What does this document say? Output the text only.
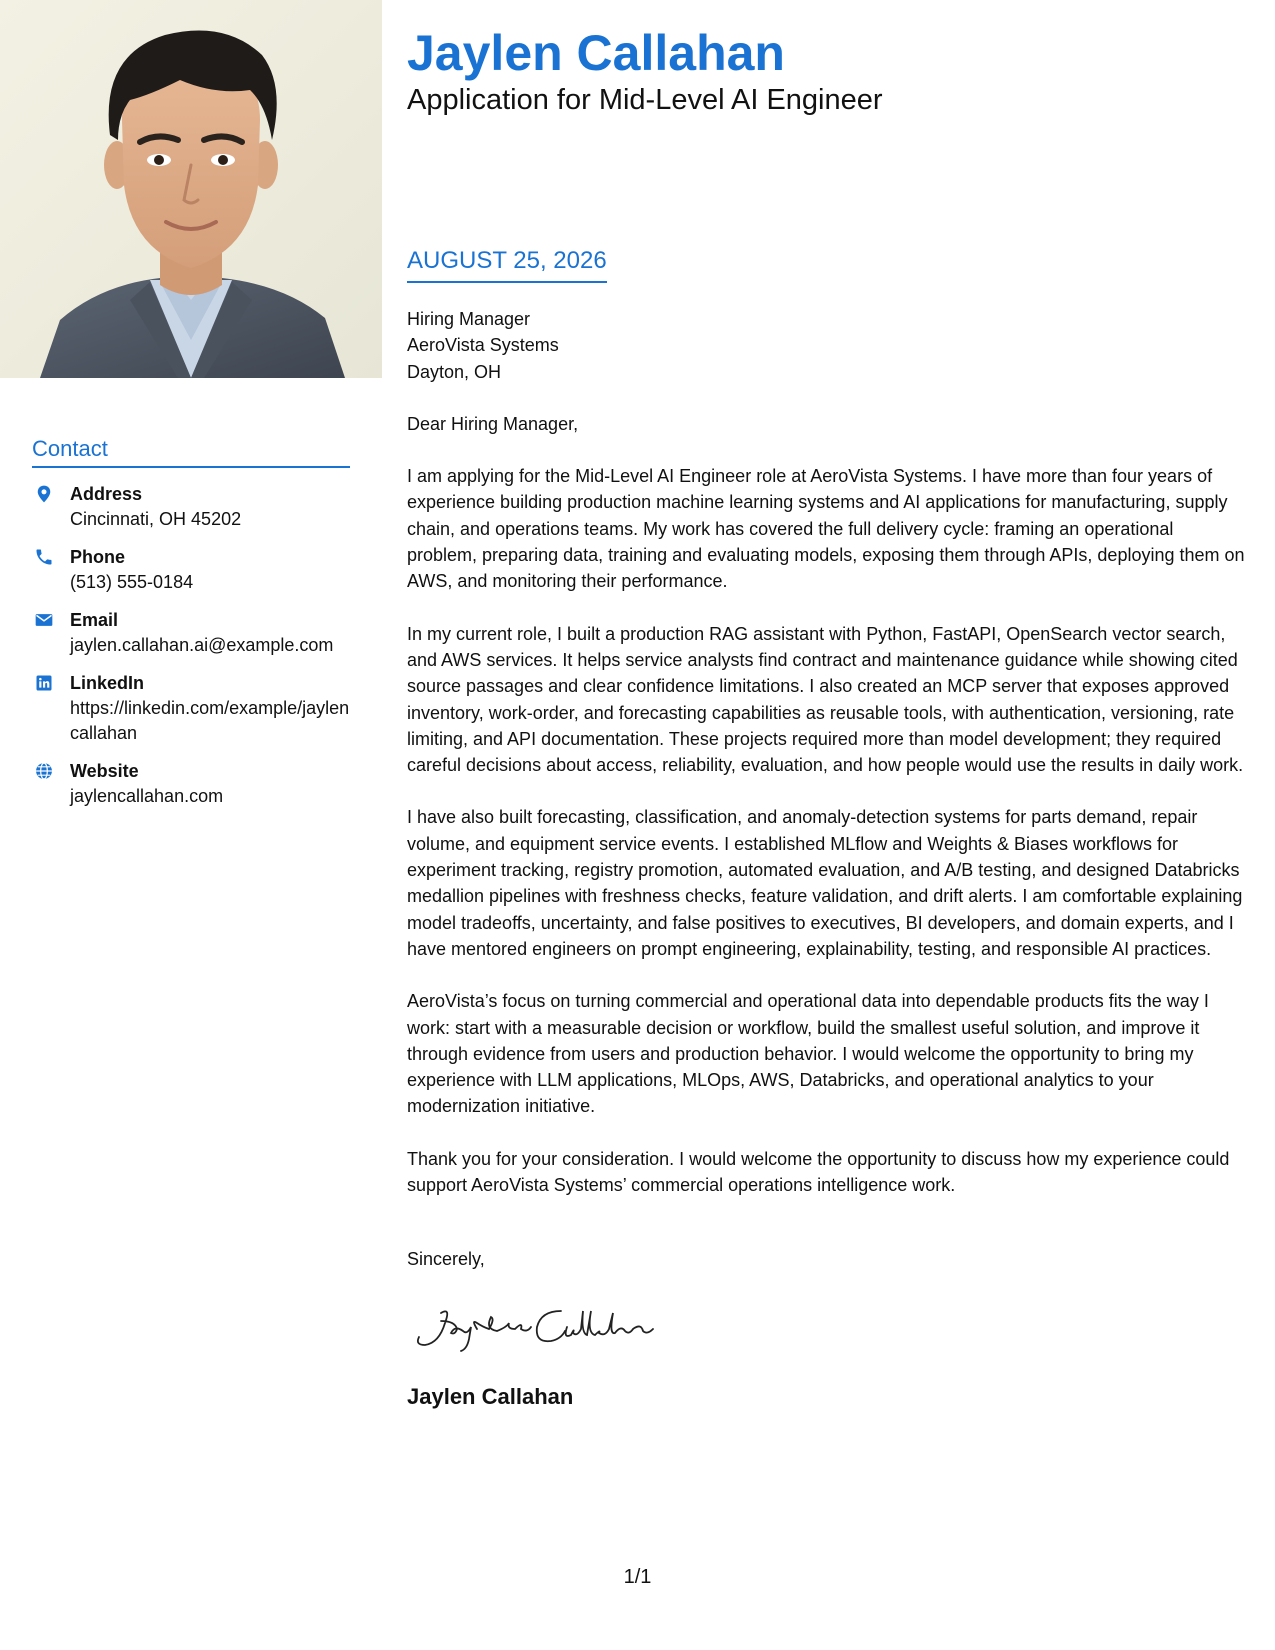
Contact
Address
Cincinnati, OH 45202
Phone
(513) 555-0184
Email
jaylen.callahan.ai@example.com
LinkedIn
https://linkedin.com/example/jaylencallahan
Website
jaylencallahan.com
Jaylen Callahan
Application for Mid-Level AI Engineer
AUGUST 25, 2026

Hiring Manager
AeroVista Systems
Dayton, OH

Dear Hiring Manager,

I am applying for the Mid-Level AI Engineer role at AeroVista Systems. I have more than four years of experience building production machine learning systems and AI applications for manufacturing, supply chain, and operations teams. My work has covered the full delivery cycle: framing an operational problem, preparing data, training and evaluating models, exposing them through APIs, deploying them on AWS, and monitoring their performance.

In my current role, I built a production RAG assistant with Python, FastAPI, OpenSearch vector search, and AWS services. It helps service analysts find contract and maintenance guidance while showing cited source passages and clear confidence limitations. I also created an MCP server that exposes approved inventory, work-order, and forecasting capabilities as reusable tools, with authentication, versioning, rate limiting, and API documentation. These projects required more than model development; they required careful decisions about access, reliability, evaluation, and how people would use the results in daily work.

I have also built forecasting, classification, and anomaly-detection systems for parts demand, repair volume, and equipment service events. I established MLflow and Weights & Biases workflows for experiment tracking, registry promotion, automated evaluation, and A/B testing, and designed Databricks medallion pipelines with freshness checks, feature validation, and drift alerts. I am comfortable explaining model tradeoffs, uncertainty, and false positives to executives, BI developers, and domain experts, and I have mentored engineers on prompt engineering, explainability, testing, and responsible AI practices.

AeroVista’s focus on turning commercial and operational data into dependable products fits the way I work: start with a measurable decision or workflow, build the smallest useful solution, and improve it through evidence from users and production behavior. I would welcome the opportunity to bring my experience with LLM applications, MLOps, AWS, Databricks, and operational analytics to your modernization initiative.

Thank you for your consideration. I would welcome the opportunity to discuss how my experience could support AeroVista Systems’ commercial operations intelligence work.

Sincerely,

Jaylen Callahan
1/1
